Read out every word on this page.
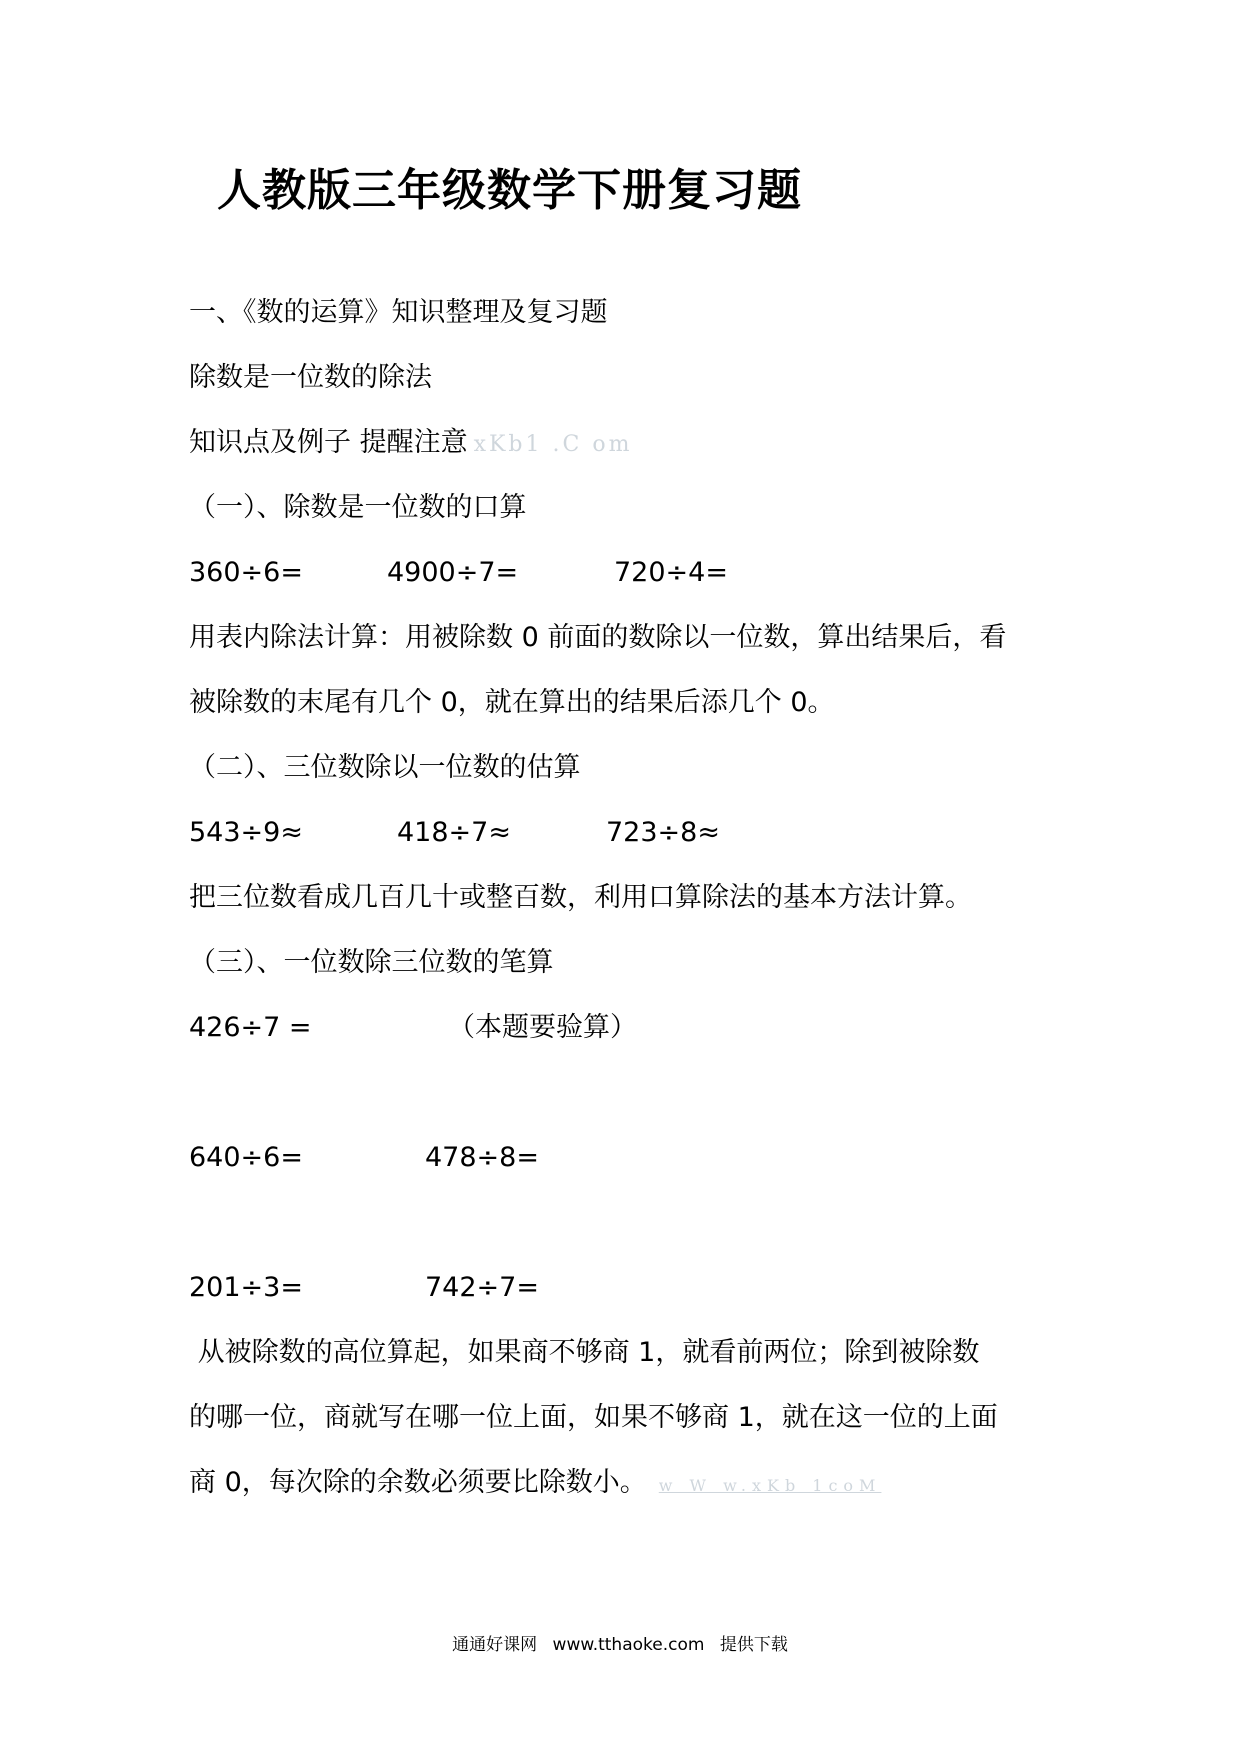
人教版三年级数学下册复习题
一、《数的运算》知识整理及复习题
除数是一位数的除法
知识点及例子 提醒注意 xKb1 .C om
（一）、除数是一位数的口算
360÷6=	4900÷7=	720÷4=
用表内除法计算：用被除数 0 前面的数除以一位数，算出结果后，看
被除数的末尾有几个 0，就在算出的结果后添几个 0。
（二）、三位数除以一位数的估算
543÷9≈	418÷7≈	723÷8≈
把三位数看成几百几十或整百数，利用口算除法的基本方法计算。
（三）、一位数除三位数的笔算
426÷7 =	（本题要验算）
640÷6=	478÷8=
201÷3=	742÷7=
从被除数的高位算起，如果商不够商 1，就看前两位；除到被除数
的哪一位，商就写在哪一位上面，如果不够商 1，就在这一位的上面
商 0，每次除的余数必须要比除数小。 w W w.xKb 1coM
通通好课网 www.tthaoke.com 提供下载
